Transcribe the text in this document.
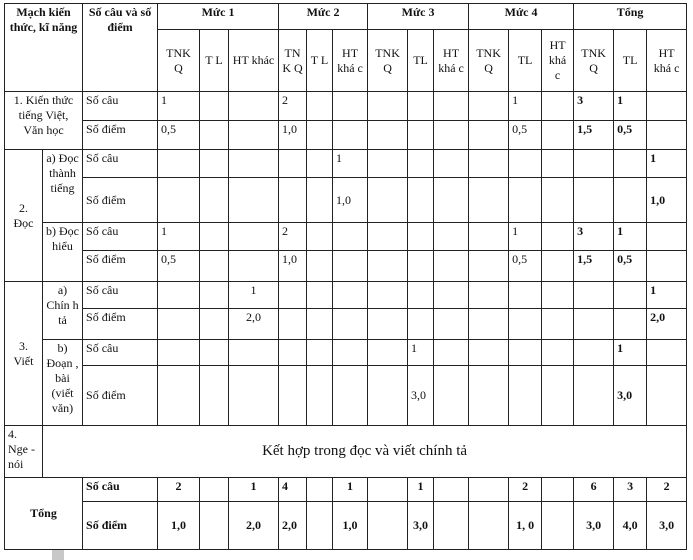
Mạch kiến thức, kĩ năng		Số câu và số điểm	Mức 1			Mức 2			Mức 3			Mức 4			Tổng		
			TNK Q	T L	HT khác	TN K Q	T L	HT khá c	TNK Q	TL	HT khá c	TNK Q	TL	HT khá c	TNK Q	TL	HT khá c
1. Kiến thức tiếng Việt, Văn học		Số câu	1			2							1		3	1	
		Số điểm	0,5			1,0							0,5		1,5	0,5	
2. Đọc	a) Đọc thành tiếng	Số câu						1									1
		Số điểm						1,0									1,0
	b) Đọc hiểu	Số câu	1			2							1		3	1	
		Số điểm	0,5			1,0							0,5		1,5	0,5	
3. Viết	a) Chín h tả	Số câu			1												1
		Số điểm			2,0												2,0
	b) Đoạn , bài (viết văn)	Số câu								1						1	
		Số điểm								3,0						3,0	
4. Nge - nói	Kết hợp trong đọc và viết chính tả																
Tổng		Số câu	2		1	4		1		1			2		6	3	2
		Số điểm	1,0		2,0	2,0		1,0		3,0			1, 0		3,0	4,0	3,0
